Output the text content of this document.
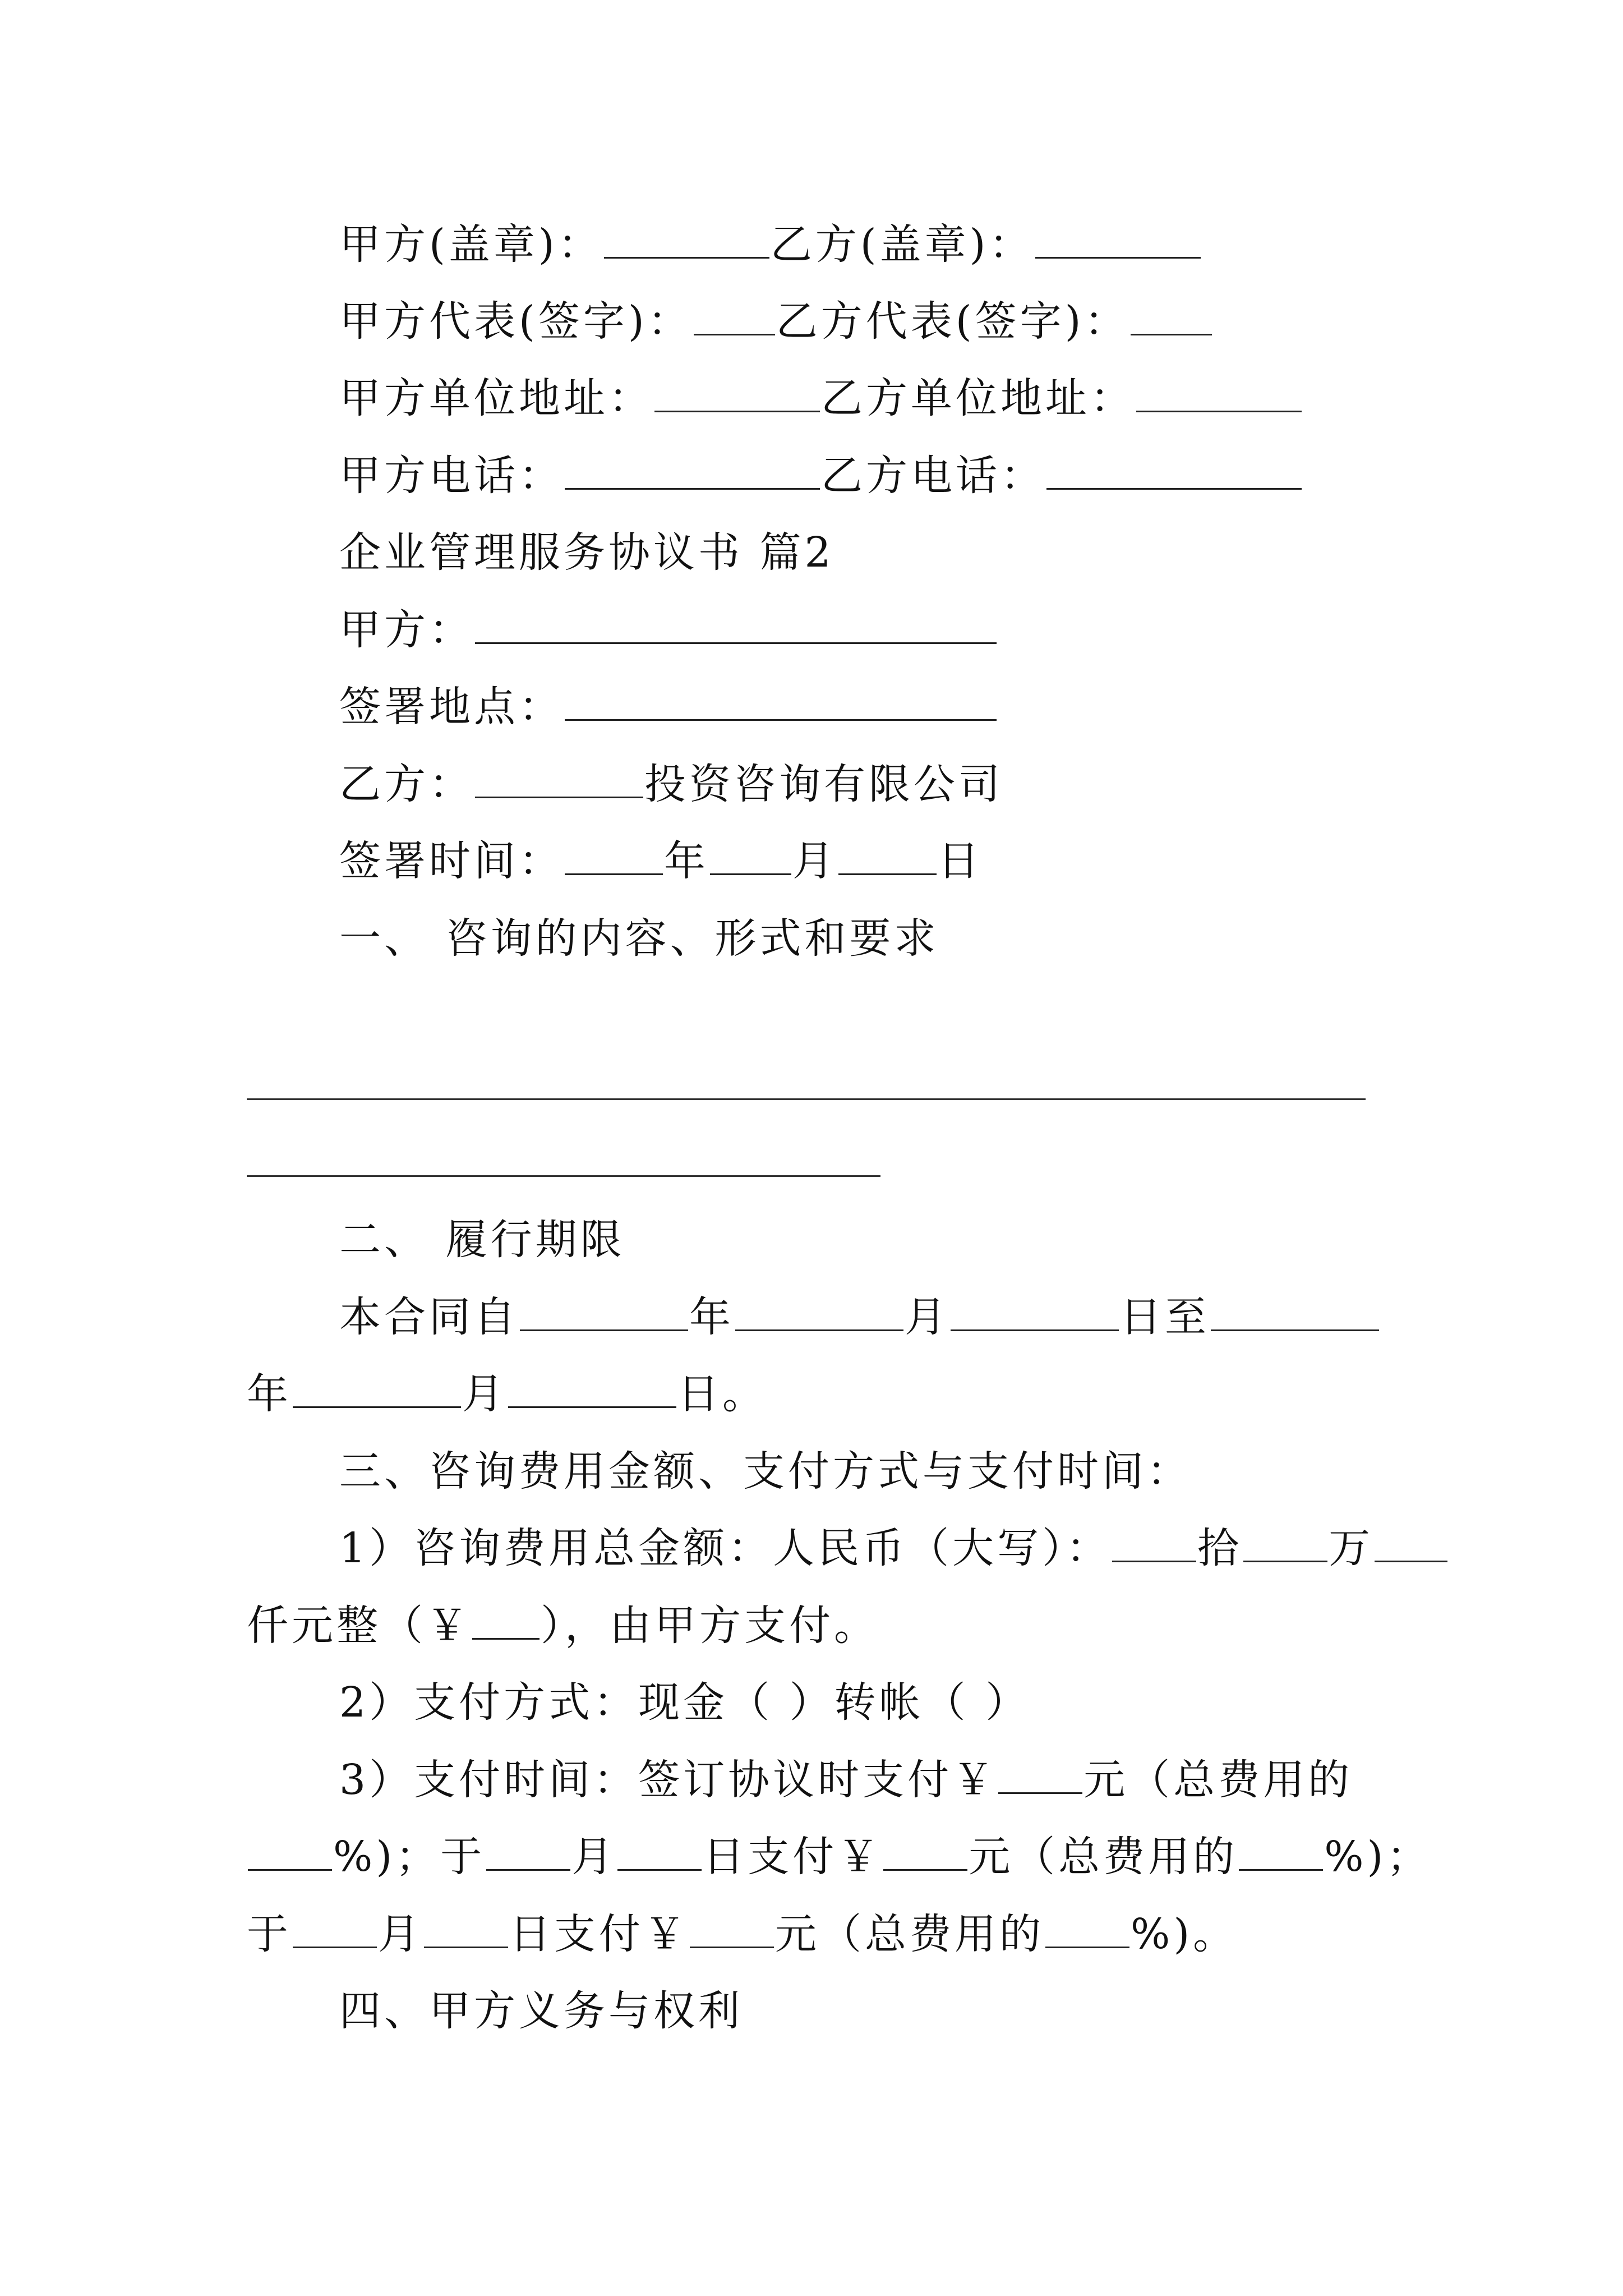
甲方(盖章)：	乙方(盖章)：
甲方代表(签字)： 乙方代表(签字)：
甲方单位地址：	乙方单位地址：
甲方电话：	乙方电话：
企业管理服务协议书 篇2
甲方：
签署地点：
乙方：	投资咨询有限公司
签署时间： 年 月 日
一、 咨询的内容、形式和要求
二、 履行期限
本合同自	年	月	日至
年	月	日。
三、咨询费用金额、支付方式与支付时间：
1）咨询费用总金额：人民币（大写）： 拾 万
仟元整（￥ ），由甲方支付。
2）支付方式：现金（ ）转帐（ ）
3）支付时间：签订协议时支付￥ 元（总费用的
%)；于 月 日支付￥ 元（总费用的 %)；
于 月 日支付￥ 元（总费用的 %)。
四、甲方义务与权利
